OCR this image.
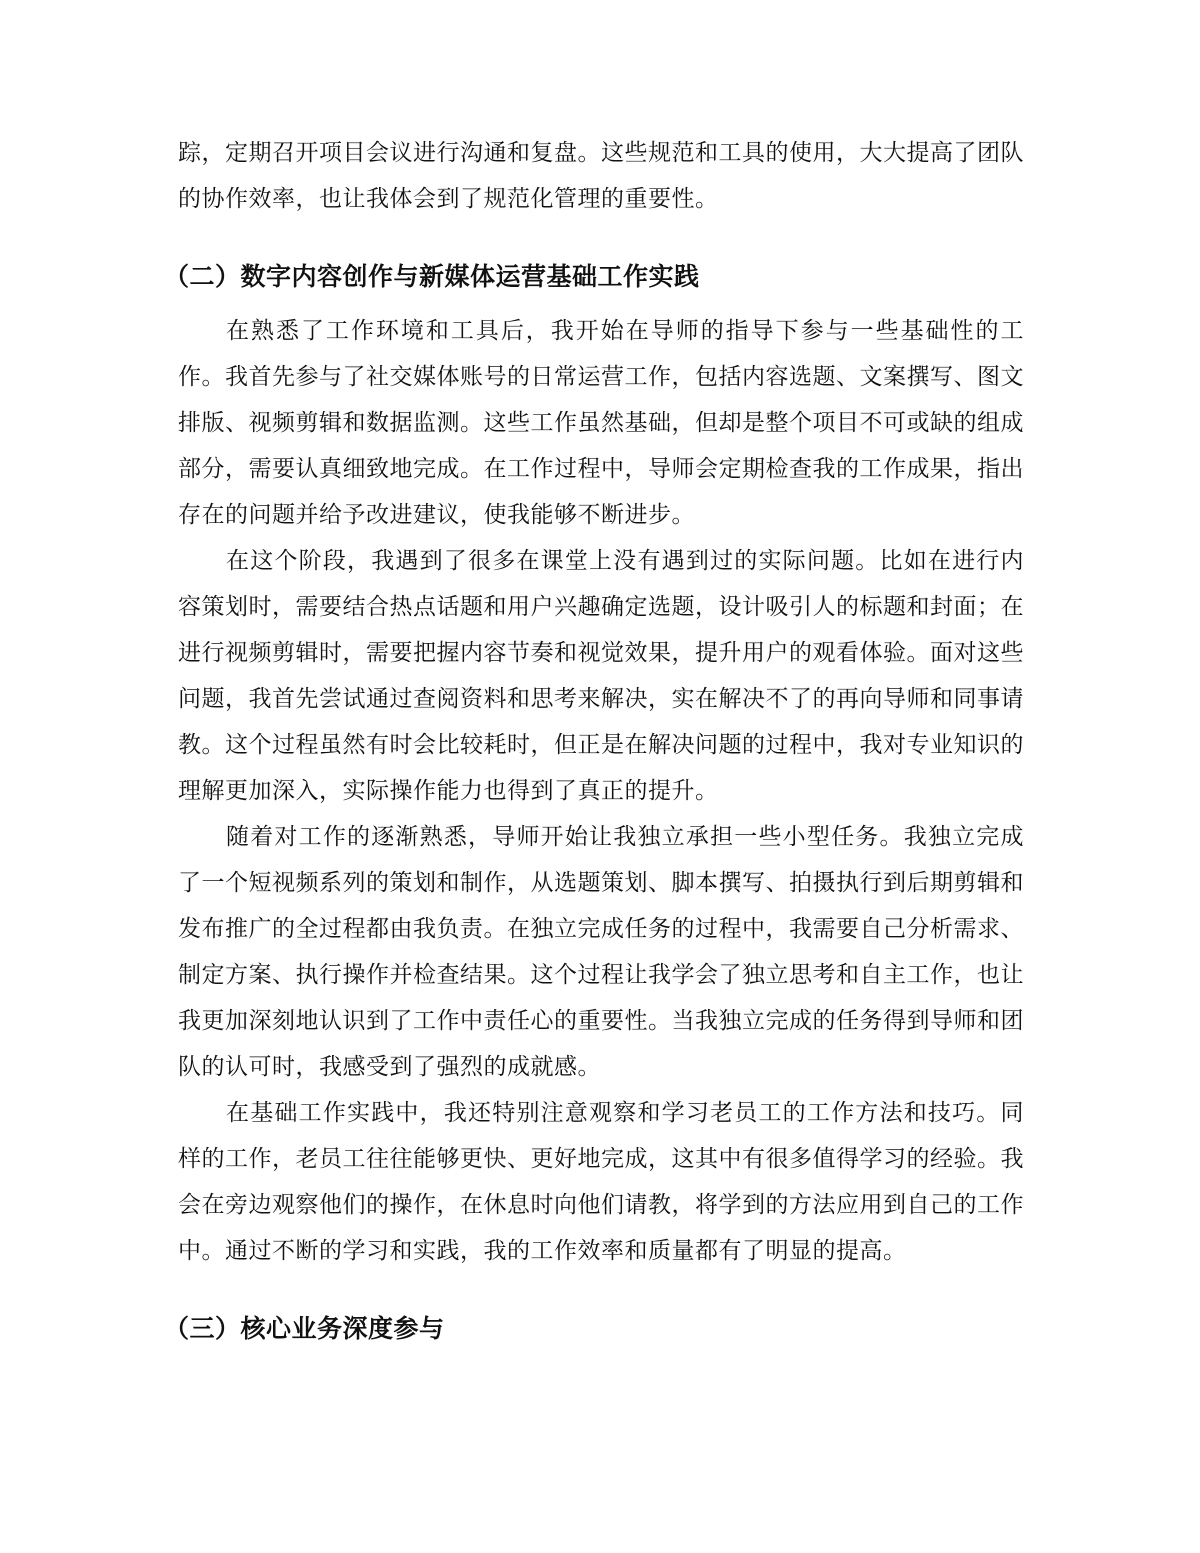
踪，定期召开项目会议进行沟通和复盘。这些规范和工具的使用，大大提高了团队的协作效率，也让我体会到了规范化管理的重要性。

（二）数字内容创作与新媒体运营基础工作实践

在熟悉了工作环境和工具后，我开始在导师的指导下参与一些基础性的工作。我首先参与了社交媒体账号的日常运营工作，包括内容选题、文案撰写、图文排版、视频剪辑和数据监测。这些工作虽然基础，但却是整个项目不可或缺的组成部分，需要认真细致地完成。在工作过程中，导师会定期检查我的工作成果，指出存在的问题并给予改进建议，使我能够不断进步。

在这个阶段，我遇到了很多在课堂上没有遇到过的实际问题。比如在进行内容策划时，需要结合热点话题和用户兴趣确定选题，设计吸引人的标题和封面；在进行视频剪辑时，需要把握内容节奏和视觉效果，提升用户的观看体验。面对这些问题，我首先尝试通过查阅资料和思考来解决，实在解决不了的再向导师和同事请教。这个过程虽然有时会比较耗时，但正是在解决问题的过程中，我对专业知识的理解更加深入，实际操作能力也得到了真正的提升。

随着对工作的逐渐熟悉，导师开始让我独立承担一些小型任务。我独立完成了一个短视频系列的策划和制作，从选题策划、脚本撰写、拍摄执行到后期剪辑和发布推广的全过程都由我负责。在独立完成任务的过程中，我需要自己分析需求、制定方案、执行操作并检查结果。这个过程让我学会了独立思考和自主工作，也让我更加深刻地认识到了工作中责任心的重要性。当我独立完成的任务得到导师和团队的认可时，我感受到了强烈的成就感。

在基础工作实践中，我还特别注意观察和学习老员工的工作方法和技巧。同样的工作，老员工往往能够更快、更好地完成，这其中有很多值得学习的经验。我会在旁边观察他们的操作，在休息时向他们请教，将学到的方法应用到自己的工作中。通过不断的学习和实践，我的工作效率和质量都有了明显的提高。

（三）核心业务深度参与
